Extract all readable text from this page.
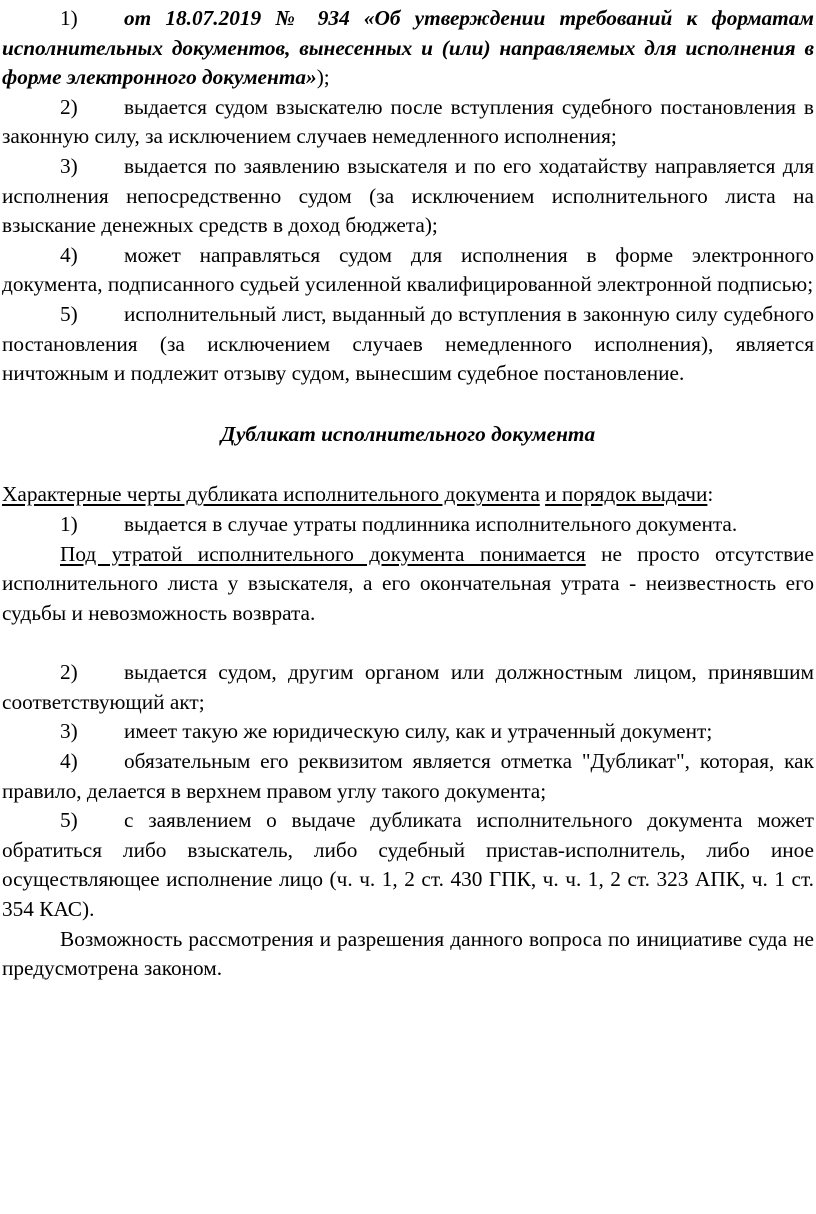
1) от 18.07.2019 № 934 «Об утверждении требований к форматам исполнительных документов, вынесенных и (или) направляемых для исполнения в форме электронного документа»);

2) выдается судом взыскателю после вступления судебного постановления в законную силу, за исключением случаев немедленного исполнения;

3) выдается по заявлению взыскателя и по его ходатайству направляется для исполнения непосредственно судом (за исключением исполнительного листа на взыскание денежных средств в доход бюджета);

4) может направляться судом для исполнения в форме электронного документа, подписанного судьей усиленной квалифицированной электронной подписью;

5) исполнительный лист, выданный до вступления в законную силу судебного постановления (за исключением случаев немедленного исполнения), является ничтожным и подлежит отзыву судом, вынесшим судебное постановление.

Дубликат исполнительного документа

Характерные черты дубликата исполнительного документа и порядок выдачи:

1) выдается в случае утраты подлинника исполнительного документа.

Под утратой исполнительного документа понимается не просто отсутствие исполнительного листа у взыскателя, а его окончательная утрата - неизвестность его судьбы и невозможность возврата.

2) выдается судом, другим органом или должностным лицом, принявшим соответствующий акт;

3) имеет такую же юридическую силу, как и утраченный документ;

4) обязательным его реквизитом является отметка "Дубликат", которая, как правило, делается в верхнем правом углу такого документа;

5) с заявлением о выдаче дубликата исполнительного документа может обратиться либо взыскатель, либо судебный пристав-исполнитель, либо иное осуществляющее исполнение лицо (ч. ч. 1, 2 ст. 430 ГПК, ч. ч. 1, 2 ст. 323 АПК, ч. 1 ст. 354 КАС).

Возможность рассмотрения и разрешения данного вопроса по инициативе суда не предусмотрена законом.
